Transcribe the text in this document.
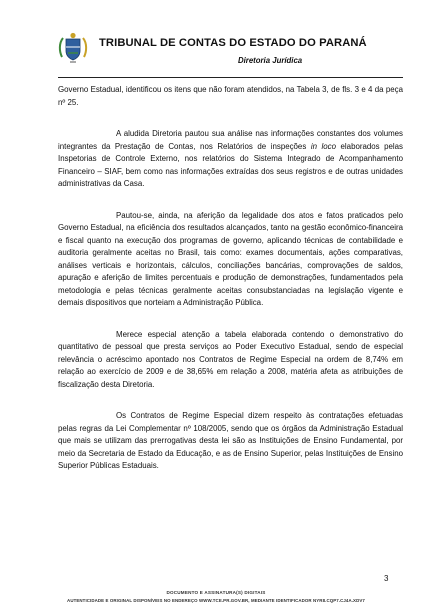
TRIBUNAL DE CONTAS DO ESTADO DO PARANÁ
Diretoria Jurídica

Governo Estadual, identificou os itens que não foram atendidos, na Tabela 3, de fls. 3 e 4 da peça nº 25.

A aludida Diretoria pautou sua análise nas informações constantes dos volumes integrantes da Prestação de Contas, nos Relatórios de inspeções in loco elaborados pelas Inspetorias de Controle Externo, nos relatórios do Sistema Integrado de Acompanhamento Financeiro – SIAF, bem como nas informações extraídas dos seus registros e de outras unidades administrativas da Casa.

Pautou-se, ainda, na aferição da legalidade dos atos e fatos praticados pelo Governo Estadual, na eficiência dos resultados alcançados, tanto na gestão econômico-financeira e fiscal quanto na execução dos programas de governo, aplicando técnicas de contabilidade e auditoria geralmente aceitas no Brasil, tais como: exames documentais, ações comparativas, análises verticais e horizontais, cálculos, conciliações bancárias, comprovações de saldos, apuração e aferição de limites percentuais e produção de demonstrações, fundamentados pela metodologia e pelas técnicas geralmente aceitas consubstanciadas na legislação vigente e demais dispositivos que norteiam a Administração Pública.

Merece especial atenção a tabela elaborada contendo o demonstrativo do quantitativo de pessoal que presta serviços ao Poder Executivo Estadual, sendo de especial relevância o acréscimo apontado nos Contratos de Regime Especial na ordem de 8,74% em relação ao exercício de 2009 e de 38,65% em relação a 2008, matéria afeta as atribuições de fiscalização desta Diretoria.

Os Contratos de Regime Especial dizem respeito às contratações efetuadas pelas regras da Lei Complementar nº 108/2005, sendo que os órgãos da Administração Estadual que mais se utilizam das prerrogativas desta lei são as Instituições de Ensino Fundamental, por meio da Secretaria de Estado da Educação, e as de Ensino Superior, pelas Instituições de Ensino Superior Públicas Estaduais.

3
DOCUMENTO E ASSINATURA(S) DIGITAIS
AUTENTICIDADE E ORIGINAL DISPONÍVEIS NO ENDEREÇO WWW.TCE.PR.GOV.BR, MEDIANTE IDENTIFICADOR NYR8.CQP7.CJ4A.XDV7
